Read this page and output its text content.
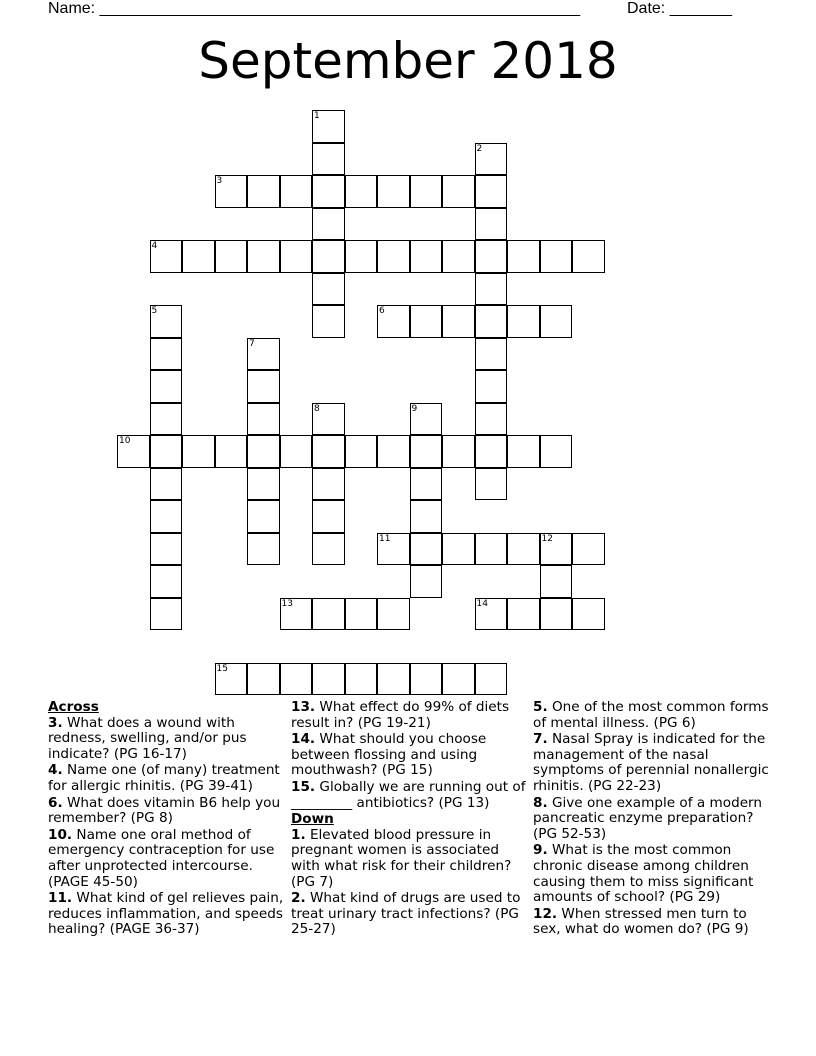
Name: ______________________________________________________	Date: _______
September 2018
1
2
3
4
5	6
7
8	9
10
11	12
13	14
15
Across

3. What does a wound with redness, swelling, and/or pus indicate? (PG 16-17)

4. Name one (of many) treatment for allergic rhinitis. (PG 39-41)

6. What does vitamin B6 help you remember? (PG 8)

10. Name one oral method of emergency contraception for use after unprotected intercourse. (PAGE 45-50)

11. What kind of gel relieves pain, reduces inflammation, and speeds healing? (PAGE 36-37)

13. What effect do 99% of diets result in? (PG 19-21)

14. What should you choose between flossing and using mouthwash? (PG 15)

15. Globally we are running out of _________ antibiotics? (PG 13)

Down

1. Elevated blood pressure in pregnant women is associated with what risk for their children? (PG 7)

2. What kind of drugs are used to treat urinary tract infections? (PG 25-27)

5. One of the most common forms of mental illness. (PG 6)

7. Nasal Spray is indicated for the management of the nasal symptoms of perennial nonallergic rhinitis. (PG 22-23)

8. Give one example of a modern pancreatic enzyme preparation? (PG 52-53)

9. What is the most common chronic disease among children causing them to miss significant amounts of school? (PG 29)

12. When stressed men turn to sex, what do women do? (PG 9)
